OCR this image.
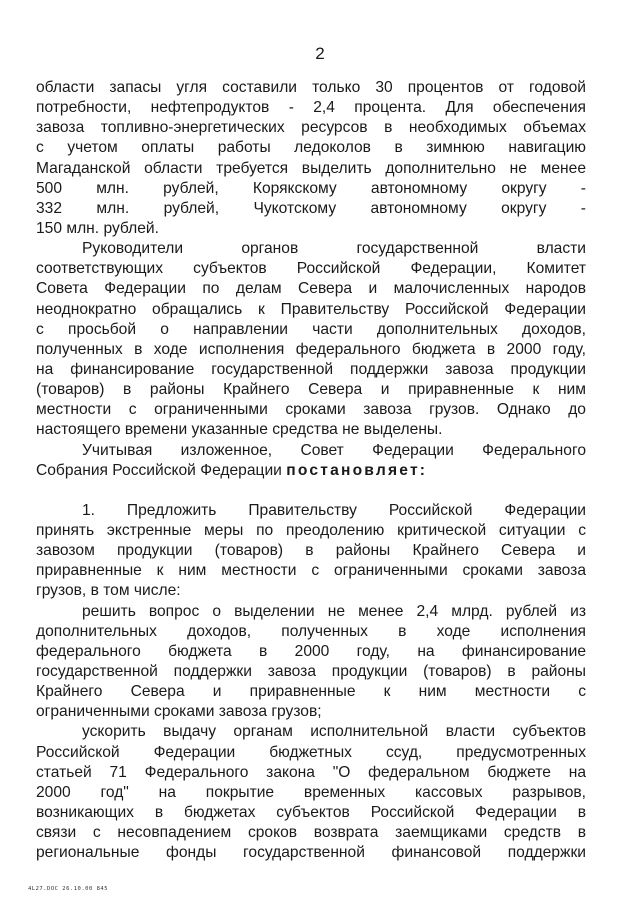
2
области запасы угля составили только 30 процентов от годовой
потребности, нефтепродуктов - 2,4 процента. Для обеспечения
завоза топливно-энергетических ресурсов в необходимых объемах
с учетом оплаты работы ледоколов в зимнюю навигацию
Магаданской области требуется выделить дополнительно не менее
500 млн. рублей, Корякскому автономному округу -
332 млн. рублей, Чукотскому автономному округу -
150 млн. рублей.
Руководители органов государственной власти
соответствующих субъектов Российской Федерации, Комитет
Совета Федерации по делам Севера и малочисленных народов
неоднократно обращались к Правительству Российской Федерации
с просьбой о направлении части дополнительных доходов,
полученных в ходе исполнения федерального бюджета в 2000 году,
на финансирование государственной поддержки завоза продукции
(товаров) в районы Крайнего Севера и приравненные к ним
местности с ограниченными сроками завоза грузов. Однако до
настоящего времени указанные средства не выделены.
Учитывая изложенное, Совет Федерации Федерального
Собрания Российской Федерации постановляет:
1. Предложить Правительству Российской Федерации
принять экстренные меры по преодолению критической ситуации с
завозом продукции (товаров) в районы Крайнего Севера и
приравненные к ним местности с ограниченными сроками завоза
грузов, в том числе:
решить вопрос о выделении не менее 2,4 млрд. рублей из
дополнительных доходов, полученных в ходе исполнения
федерального бюджета в 2000 году, на финансирование
государственной поддержки завоза продукции (товаров) в районы
Крайнего Севера и приравненные к ним местности с
ограниченными сроками завоза грузов;
ускорить выдачу органам исполнительной власти субъектов
Российской Федерации бюджетных ссуд, предусмотренных
статьей 71 Федерального закона "О федеральном бюджете на
2000 год" на покрытие временных кассовых разрывов,
возникающих в бюджетах субъектов Российской Федерации в
связи с несовпадением сроков возврата заемщиками средств в
региональные фонды государственной финансовой поддержки
4L27.DOC 26.10.00 845
